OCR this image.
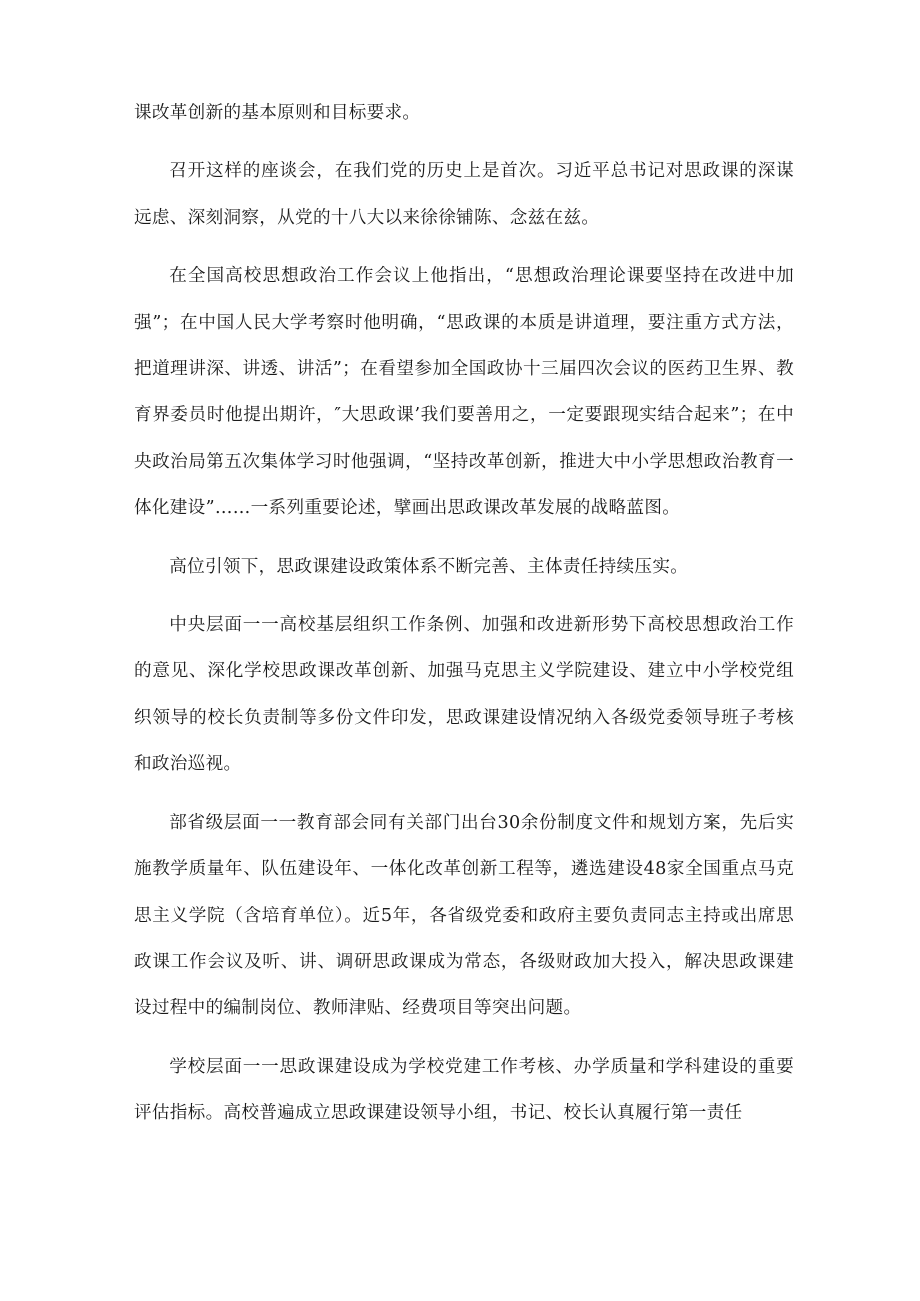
课改革创新的基本原则和目标要求。

召开这样的座谈会，在我们党的历史上是首次。习近平总书记对思政课的深谋远虑、深刻洞察，从党的十八大以来徐徐铺陈、念兹在兹。

在全国高校思想政治工作会议上他指出，“思想政治理论课要坚持在改进中加强”；在中国人民大学考察时他明确，“思政课的本质是讲道理，要注重方式方法，把道理讲深、讲透、讲活”；在看望参加全国政协十三届四次会议的医药卫生界、教育界委员时他提出期许，″大思政课’我们要善用之，一定要跟现实结合起来”；在中央政治局第五次集体学习时他强调，“坚持改革创新，推进大中小学思想政治教育一体化建设”……一系列重要论述，擘画出思政课改革发展的战略蓝图。

高位引领下，思政课建设政策体系不断完善、主体责任持续压实。

中央层面一一高校基层组织工作条例、加强和改进新形势下高校思想政治工作的意见、深化学校思政课改革创新、加强马克思主义学院建设、建立中小学校党组织领导的校长负责制等多份文件印发，思政课建设情况纳入各级党委领导班子考核和政治巡视。

部省级层面一一教育部会同有关部门出台30余份制度文件和规划方案，先后实施教学质量年、队伍建设年、一体化改革创新工程等，遴选建设48家全国重点马克思主义学院（含培育单位）。近5年，各省级党委和政府主要负责同志主持或出席思政课工作会议及听、讲、调研思政课成为常态，各级财政加大投入，解决思政课建设过程中的编制岗位、教师津贴、经费项目等突出问题。

学校层面一一思政课建设成为学校党建工作考核、办学质量和学科建设的重要评估指标。高校普遍成立思政课建设领导小组，书记、校长认真履行第一责任
